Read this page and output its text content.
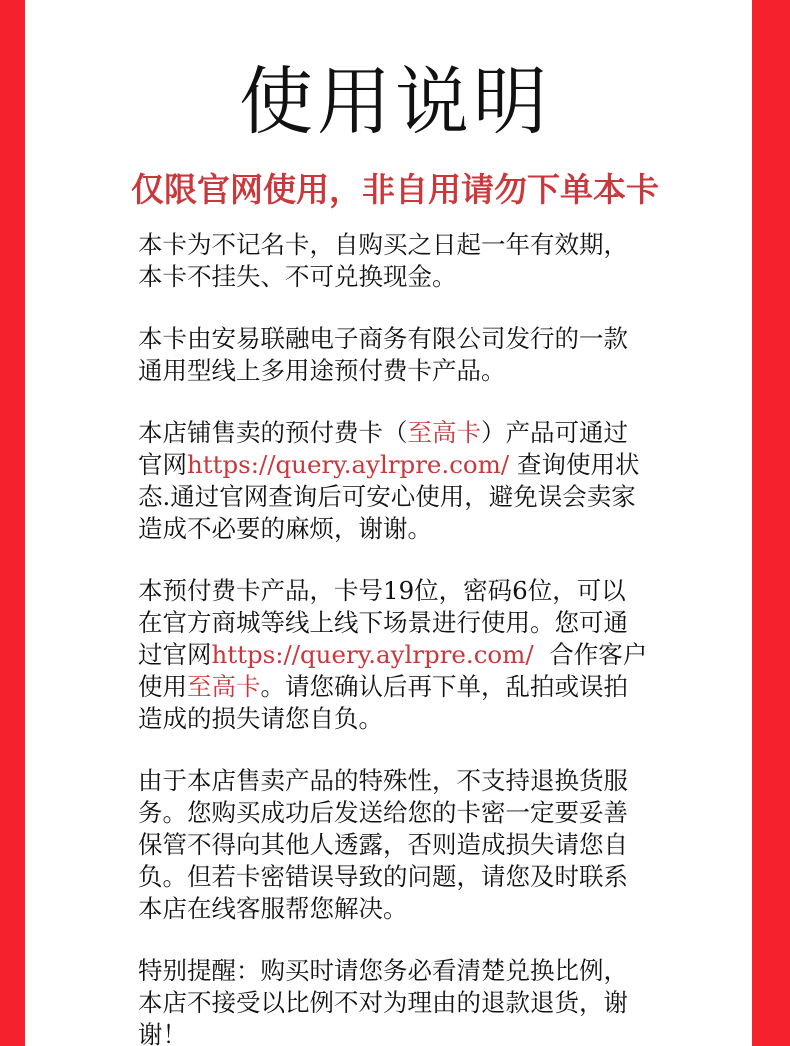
使用说明
仅限官网使用，非自用请勿下单本卡
本卡为不记名卡，自购买之日起一年有效期，
本卡不挂失、不可兑换现金。
本卡由安易联融电子商务有限公司发行的一款
通用型线上多用途预付费卡产品。
本店铺售卖的预付费卡（至高卡）产品可通过
官网https://query.aylrpre.com/ 查询使用状
态.通过官网查询后可安心使用，避免误会卖家
造成不必要的麻烦，谢谢。
本预付费卡产品，卡号19位，密码6位，可以
在官方商城等线上线下场景进行使用。您可通
过官网https://query.aylrpre.com/  合作客户
使用至高卡。请您确认后再下单，乱拍或误拍
造成的损失请您自负。
由于本店售卖产品的特殊性，不支持退换货服
务。您购买成功后发送给您的卡密一定要妥善
保管不得向其他人透露，否则造成损失请您自
负。但若卡密错误导致的问题，请您及时联系
本店在线客服帮您解决。
特别提醒：购买时请您务必看清楚兑换比例，
本店不接受以比例不对为理由的退款退货，谢
谢！
